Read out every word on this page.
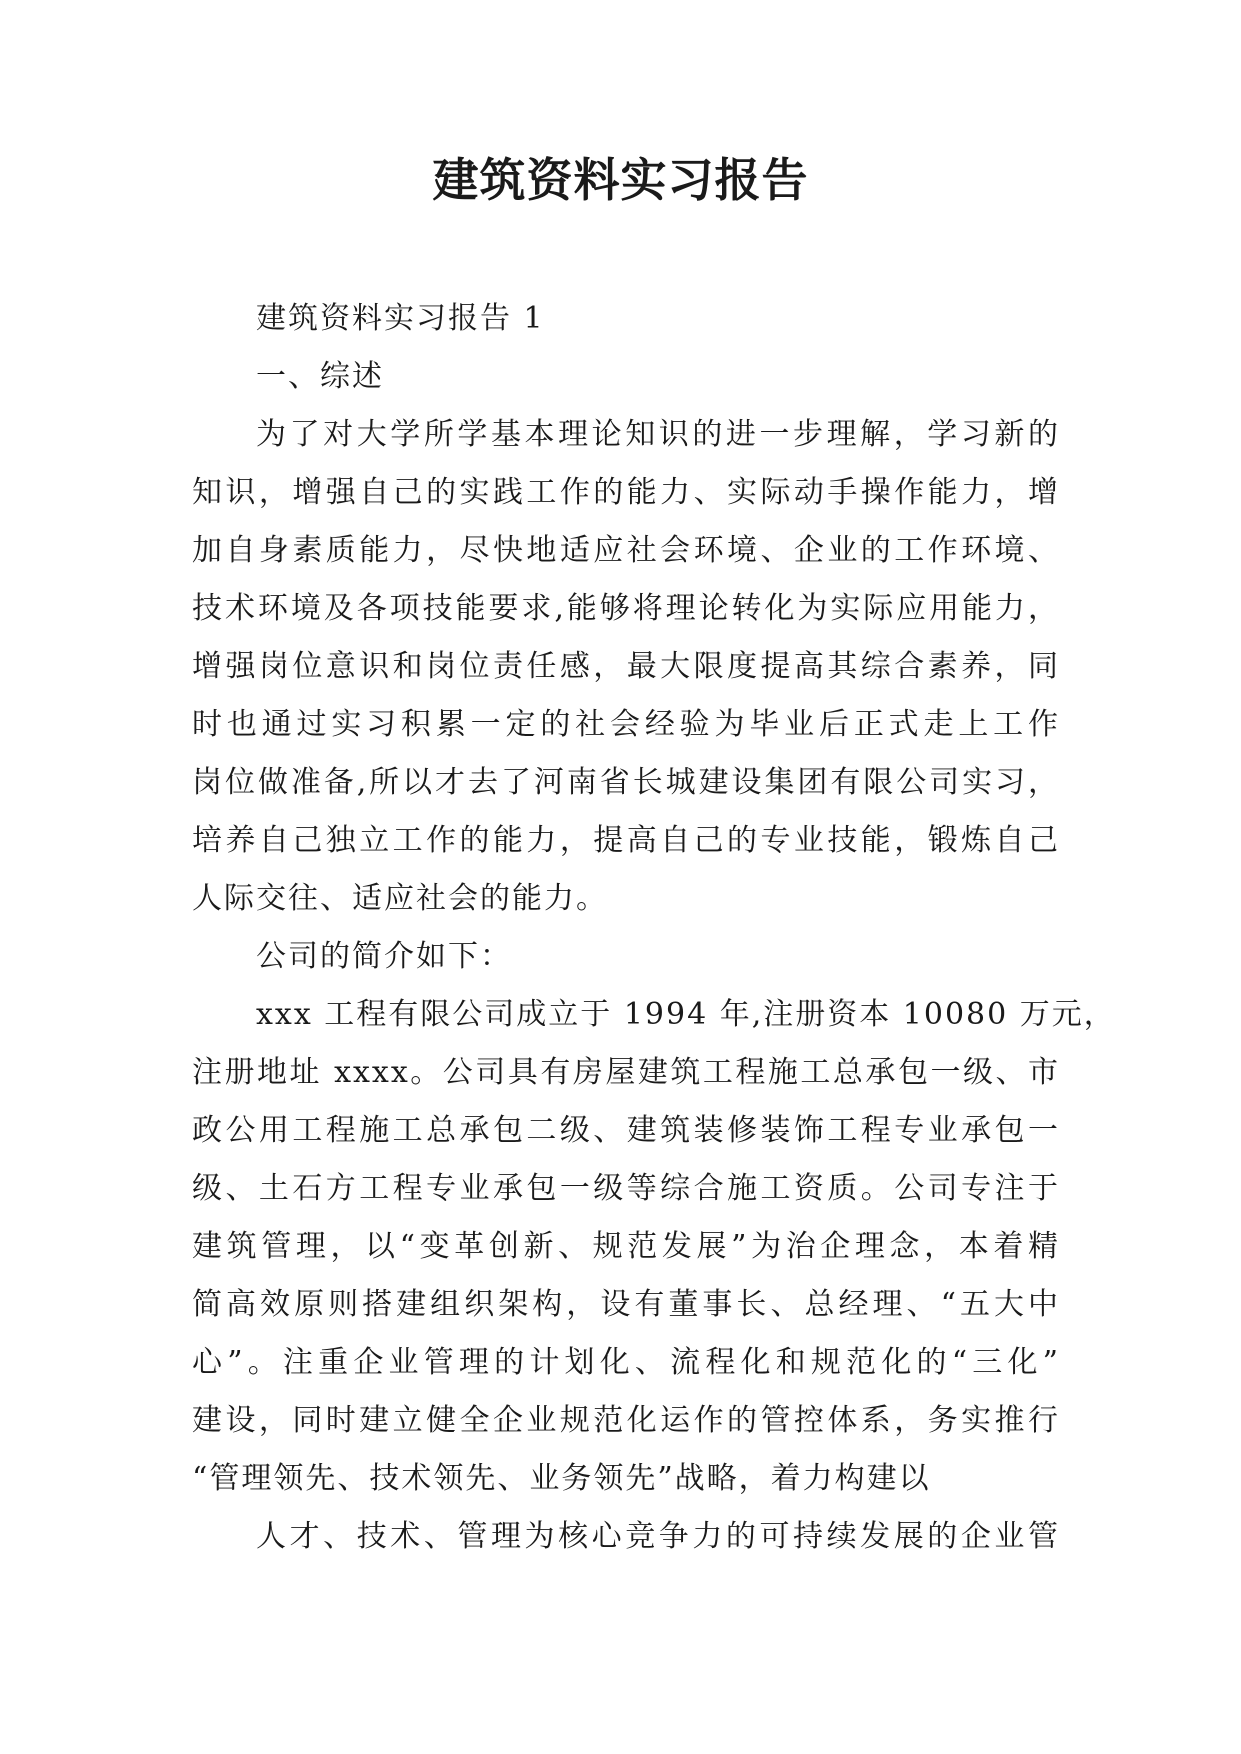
建筑资料实习报告
建筑资料实习报告 1
一、综述
为了对大学所学基本理论知识的进一步理解，学习新的
知识，增强自己的实践工作的能力、实际动手操作能力，增
加自身素质能力，尽快地适应社会环境、企业的工作环境、
技术环境及各项技能要求,能够将理论转化为实际应用能力，
增强岗位意识和岗位责任感，最大限度提高其综合素养，同
时也通过实习积累一定的社会经验为毕业后正式走上工作
岗位做准备,所以才去了河南省长城建设集团有限公司实习，
培养自己独立工作的能力，提高自己的专业技能，锻炼自己
人际交往、适应社会的能力。
公司的简介如下：
xxx 工程有限公司成立于 1994 年,注册资本 10080 万元，
注册地址 xxxx。公司具有房屋建筑工程施工总承包一级、市
政公用工程施工总承包二级、建筑装修装饰工程专业承包一
级、土石方工程专业承包一级等综合施工资质。公司专注于
建筑管理，以“变革创新、规范发展”为治企理念，本着精
简高效原则搭建组织架构，设有董事长、总经理、“五大中
心”。注重企业管理的计划化、流程化和规范化的“三化”
建设，同时建立健全企业规范化运作的管控体系，务实推行
“管理领先、技术领先、业务领先”战略，着力构建以
人才、技术、管理为核心竞争力的可持续发展的企业管
